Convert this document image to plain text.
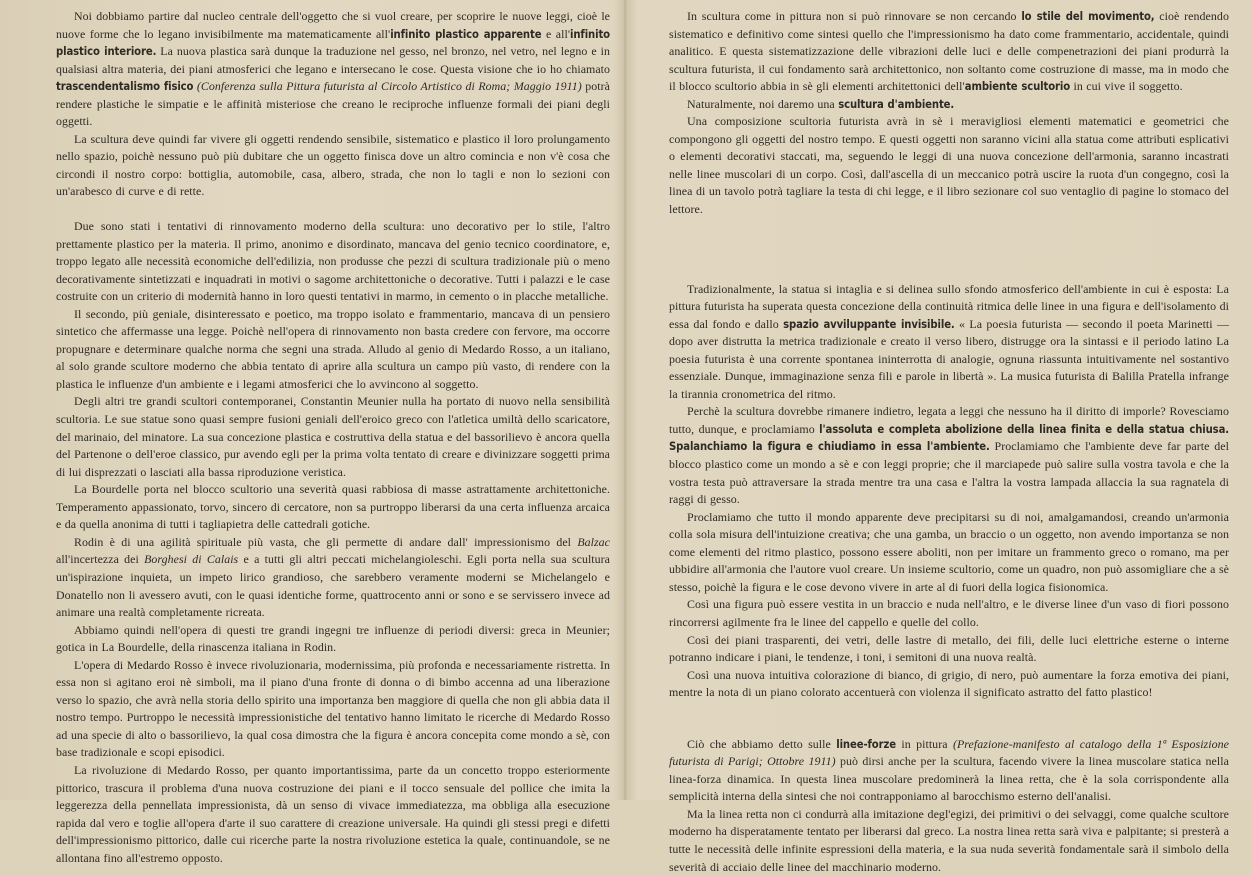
Noi dobbiamo partire dal nucleo centrale dell'oggetto che si vuol creare, per scoprire le nuove leggi, cioè le nuove forme che lo legano invisibilmente ma matematicamente all'infinito plastico apparente e all'infinito plastico interiore. La nuova plastica sarà dunque la traduzione nel gesso, nel bronzo, nel vetro, nel legno e in qualsiasi altra materia, dei piani atmosferici che legano e intersecano le cose. Questa visione che io ho chiamato trascendentalismo fisico (Conferenza sulla Pittura futurista al Circolo Artistico di Roma; Maggio 1911) potrà rendere plastiche le simpatie e le affinità misteriose che creano le reciproche influenze formali dei piani degli oggetti.

La scultura deve quindi far vivere gli oggetti rendendo sensibile, sistematico e plastico il loro prolungamento nello spazio, poichè nessuno può più dubitare che un oggetto finisca dove un altro comincia e non v'è cosa che circondi il nostro corpo: bottiglia, automobile, casa, albero, strada, che non lo tagli e non lo sezioni con un'arabesco di curve e di rette.

Due sono stati i tentativi di rinnovamento moderno della scultura: uno decorativo per lo stile, l'altro prettamente plastico per la materia. Il primo, anonimo e disordinato, mancava del genio tecnico coordinatore, e, troppo legato alle necessità economiche dell'edilizia, non produsse che pezzi di scultura tradizionale più o meno decorativamente sintetizzati e inquadrati in motivi o sagome architettoniche o decorative. Tutti i palazzi e le case costruite con un criterio di modernità hanno in loro questi tentativi in marmo, in cemento o in placche metalliche.

Il secondo, più geniale, disinteressato e poetico, ma troppo isolato e frammentario, mancava di un pensiero sintetico che affermasse una legge. Poichè nell'opera di rinnovamento non basta credere con fervore, ma occorre propugnare e determinare qualche norma che segni una strada. Alludo al genio di Medardo Rosso, a un italiano, al solo grande scultore moderno che abbia tentato di aprire alla scultura un campo più vasto, di rendere con la plastica le influenze d'un ambiente e i legami atmosferici che lo avvincono al soggetto.

Degli altri tre grandi scultori contemporanei, Constantin Meunier nulla ha portato di nuovo nella sensibilità scultoria. Le sue statue sono quasi sempre fusioni geniali dell'eroico greco con l'atletica umiltà dello scaricatore, del marinaio, del minatore. La sua concezione plastica e costruttiva della statua e del bassorilievo è ancora quella del Partenone o dell'eroe classico, pur avendo egli per la prima volta tentato di creare e divinizzare soggetti prima di lui disprezzati o lasciati alla bassa riproduzione veristica.

La Bourdelle porta nel blocco scultorio una severità quasi rabbiosa di masse astrattamente architettoniche. Temperamento appassionato, torvo, sincero di cercatore, non sa purtroppo liberarsi da una certa influenza arcaica e da quella anonima di tutti i tagliapietra delle cattedrali gotiche.

Rodin è di una agilità spirituale più vasta, che gli permette di andare dall' impressionismo del Balzac all'incertezza dei Borghesi di Calais e a tutti gli altri peccati michelangioleschi. Egli porta nella sua scultura un'ispirazione inquieta, un impeto lirico grandioso, che sarebbero veramente moderni se Michelangelo e Donatello non li avessero avuti, con le quasi identiche forme, quattrocento anni or sono e se servissero invece ad animare una realtà completamente ricreata.

Abbiamo quindi nell'opera di questi tre grandi ingegni tre influenze di periodi diversi: greca in Meunier; gotica in La Bourdelle, della rinascenza italiana in Rodin.

L'opera di Medardo Rosso è invece rivoluzionaria, modernissima, più profonda e necessariamente ristretta. In essa non si agitano eroi nè simboli, ma il piano d'una fronte di donna o di bimbo accenna ad una liberazione verso lo spazio, che avrà nella storia dello spirito una importanza ben maggiore di quella che non gli abbia data il nostro tempo. Purtroppo le necessità impressionistiche del tentativo hanno limitato le ricerche di Medardo Rosso ad una specie di alto o bassorilievo, la qual cosa dimostra che la figura è ancora concepita come mondo a sè, con base tradizionale e scopi episodici.

La rivoluzione di Medardo Rosso, per quanto importantissima, parte da un concetto troppo esteriormente pittorico, trascura il problema d'una nuova costruzione dei piani e il tocco sensuale del pollice che imita la leggerezza della pennellata impressionista, dà un senso di vivace immediatezza, ma obbliga alla esecuzione rapida dal vero e toglie all'opera d'arte il suo carattere di creazione universale. Ha quindi gli stessi pregi e difetti dell'impressionismo pittorico, dalle cui ricerche parte la nostra rivoluzione estetica la quale, continuandole, se ne allontana fino all'estremo opposto.

In scultura come in pittura non si può rinnovare se non cercando lo stile del movimento, cioè rendendo sistematico e definitivo come sintesi quello che l'impressionismo ha dato come frammentario, accidentale, quindi analitico. E questa sistematizzazione delle vibrazioni delle luci e delle compenetrazioni dei piani produrrà la scultura futurista, il cui fondamento sarà architettonico, non soltanto come costruzione di masse, ma in modo che il blocco scultorio abbia in sè gli elementi architettonici dell'ambiente scultorio in cui vive il soggetto.

Naturalmente, noi daremo una scultura d'ambiente.

Una composizione scultoria futurista avrà in sè i meravigliosi elementi matematici e geometrici che compongono gli oggetti del nostro tempo. E questi oggetti non saranno vicini alla statua come attributi esplicativi o elementi decorativi staccati, ma, seguendo le leggi di una nuova concezione dell'armonia, saranno incastrati nelle linee muscolari di un corpo. Così, dall'ascella di un meccanico potrà uscire la ruota d'un congegno, così la linea di un tavolo potrà tagliare la testa di chi legge, e il libro sezionare col suo ventaglio di pagine lo stomaco del lettore.

Tradizionalmente, la statua si intaglia e si delinea sullo sfondo atmosferico dell'ambiente in cui è esposta: La pittura futurista ha superata questa concezione della continuità ritmica delle linee in una figura e dell'isolamento di essa dal fondo e dallo spazio avviluppante invisibile. « La poesia futurista — secondo il poeta Marinetti — dopo aver distrutta la metrica tradizionale e creato il verso libero, distrugge ora la sintassi e il periodo latino La poesia futurista è una corrente spontanea ininterrotta di analogie, ognuna riassunta intuitivamente nel sostantivo essenziale. Dunque, immaginazione senza fili e parole in libertà ». La musica futurista di Balilla Pratella infrange la tirannia cronometrica del ritmo.

Perchè la scultura dovrebbe rimanere indietro, legata a leggi che nessuno ha il diritto di imporle? Rovesciamo tutto, dunque, e proclamiamo l'assoluta e completa abolizione della linea finita e della statua chiusa. Spalanchiamo la figura e chiudiamo in essa l'ambiente. Proclamiamo che l'ambiente deve far parte del blocco plastico come un mondo a sè e con leggi proprie; che il marciapede può salire sulla vostra tavola e che la vostra testa può attraversare la strada mentre tra una casa e l'altra la vostra lampada allaccia la sua ragnatela di raggi di gesso.

Proclamiamo che tutto il mondo apparente deve precipitarsi su di noi, amalgamandosi, creando un'armonia colla sola misura dell'intuizione creativa; che una gamba, un braccio o un oggetto, non avendo importanza se non come elementi del ritmo plastico, possono essere aboliti, non per imitare un frammento greco o romano, ma per ubbidire all'armonia che l'autore vuol creare. Un insieme scultorio, come un quadro, non può assomigliare che a sè stesso, poichè la figura e le cose devono vivere in arte al di fuori della logica fisionomica.

Così una figura può essere vestita in un braccio e nuda nell'altro, e le diverse linee d'un vaso di fiori possono rincorrersi agilmente fra le linee del cappello e quelle del collo.

Così dei piani trasparenti, dei vetri, delle lastre di metallo, dei fili, delle luci elettriche esterne o interne potranno indicare i piani, le tendenze, i toni, i semitoni di una nuova realtà.

Così una nuova intuitiva colorazione di bianco, di grigio, di nero, può aumentare la forza emotiva dei piani, mentre la nota di un piano colorato accentuerà con violenza il significato astratto del fatto plastico!

Ciò che abbiamo detto sulle linee-forze in pittura (Prefazione-manifesto al catalogo della 1ª Esposizione futurista di Parigi; Ottobre 1911) può dirsi anche per la scultura, facendo vivere la linea muscolare statica nella linea-forza dinamica. In questa linea muscolare predominerà la linea retta, che è la sola corrispondente alla semplicità interna della sintesi che noi contrapponiamo al barocchismo esterno dell'analisi.

Ma la linea retta non ci condurrà alla imitazione degl'egizi, dei primitivi o dei selvaggi, come qualche scultore moderno ha disperatamente tentato per liberarsi dal greco. La nostra linea retta sarà viva e palpitante; si presterà a tutte le necessità delle infinite espressioni della materia, e la sua nuda severità fondamentale sarà il simbolo della severità di acciaio delle linee del macchinario moderno.
